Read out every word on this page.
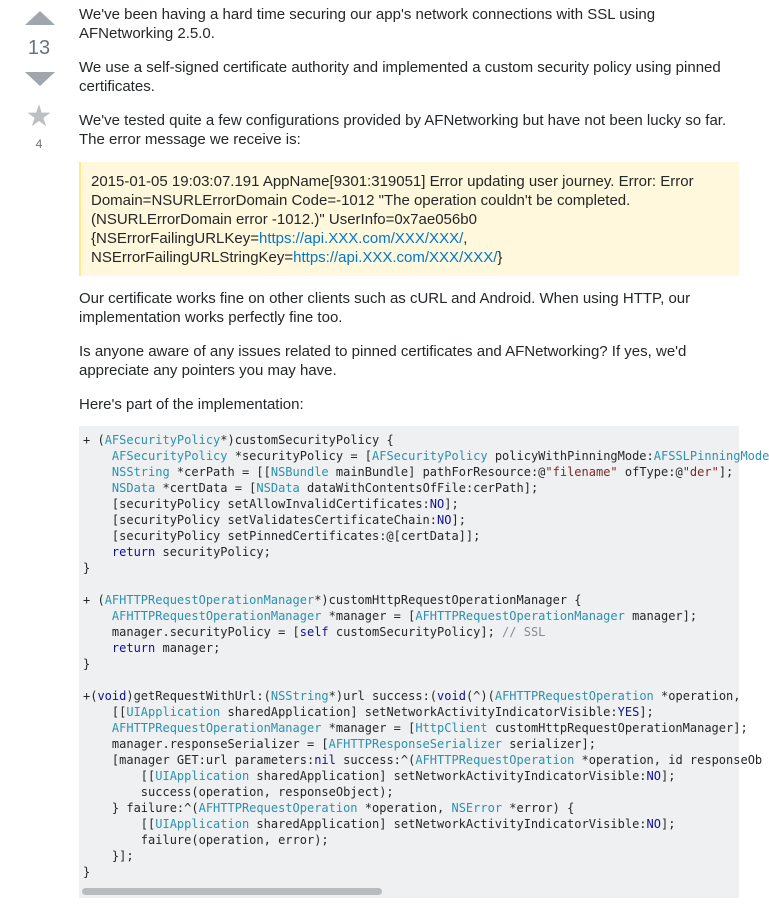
13
★
4

We've been having a hard time securing our app's network connections with SSL using AFNetworking 2.5.0.

We use a self-signed certificate authority and implemented a custom security policy using pinned certificates.

We've tested quite a few configurations provided by AFNetworking but have not been lucky so far. The error message we receive is:

2015-01-05 19:03:07.191 AppName[9301:319051] Error updating user journey. Error: Error Domain=NSURLErrorDomain Code=-1012 "The operation couldn't be completed. (NSURLErrorDomain error -1012.)" UserInfo=0x7ae056b0 {NSErrorFailingURLKey=https://api.XXX.com/XXX/XXX/, NSErrorFailingURLStringKey=https://api.XXX.com/XXX/XXX/}

Our certificate works fine on other clients such as cURL and Android. When using HTTP, our implementation works perfectly fine too.

Is anyone aware of any issues related to pinned certificates and AFNetworking? If yes, we'd appreciate any pointers you may have.

Here's part of the implementation:

+ (AFSecurityPolicy*)customSecurityPolicy {
AFSecurityPolicy *securityPolicy = [AFSecurityPolicy policyWithPinningMode:AFSSLPinningMode
NSString *cerPath = [[NSBundle mainBundle] pathForResource:@"filename" ofType:@"der"];
NSData *certData = [NSData dataWithContentsOfFile:cerPath];
[securityPolicy setAllowInvalidCertificates:NO];
[securityPolicy setValidatesCertificateChain:NO];
[securityPolicy setPinnedCertificates:@[certData]];
return securityPolicy;
}

+ (AFHTTPRequestOperationManager*)customHttpRequestOperationManager {
AFHTTPRequestOperationManager *manager = [AFHTTPRequestOperationManager manager];
manager.securityPolicy = [self customSecurityPolicy]; // SSL
return manager;
}

+(void)getRequestWithUrl:(NSString*)url success:(void(^)(AFHTTPRequestOperation *operation,
[[UIApplication sharedApplication] setNetworkActivityIndicatorVisible:YES];
AFHTTPRequestOperationManager *manager = [HttpClient customHttpRequestOperationManager];
manager.responseSerializer = [AFHTTPResponseSerializer serializer];
[manager GET:url parameters:nil success:^(AFHTTPRequestOperation *operation, id responseOb
[[UIApplication sharedApplication] setNetworkActivityIndicatorVisible:NO];
success(operation, responseObject);
} failure:^(AFHTTPRequestOperation *operation, NSError *error) {
[[UIApplication sharedApplication] setNetworkActivityIndicatorVisible:NO];
failure(operation, error);
}];
}
